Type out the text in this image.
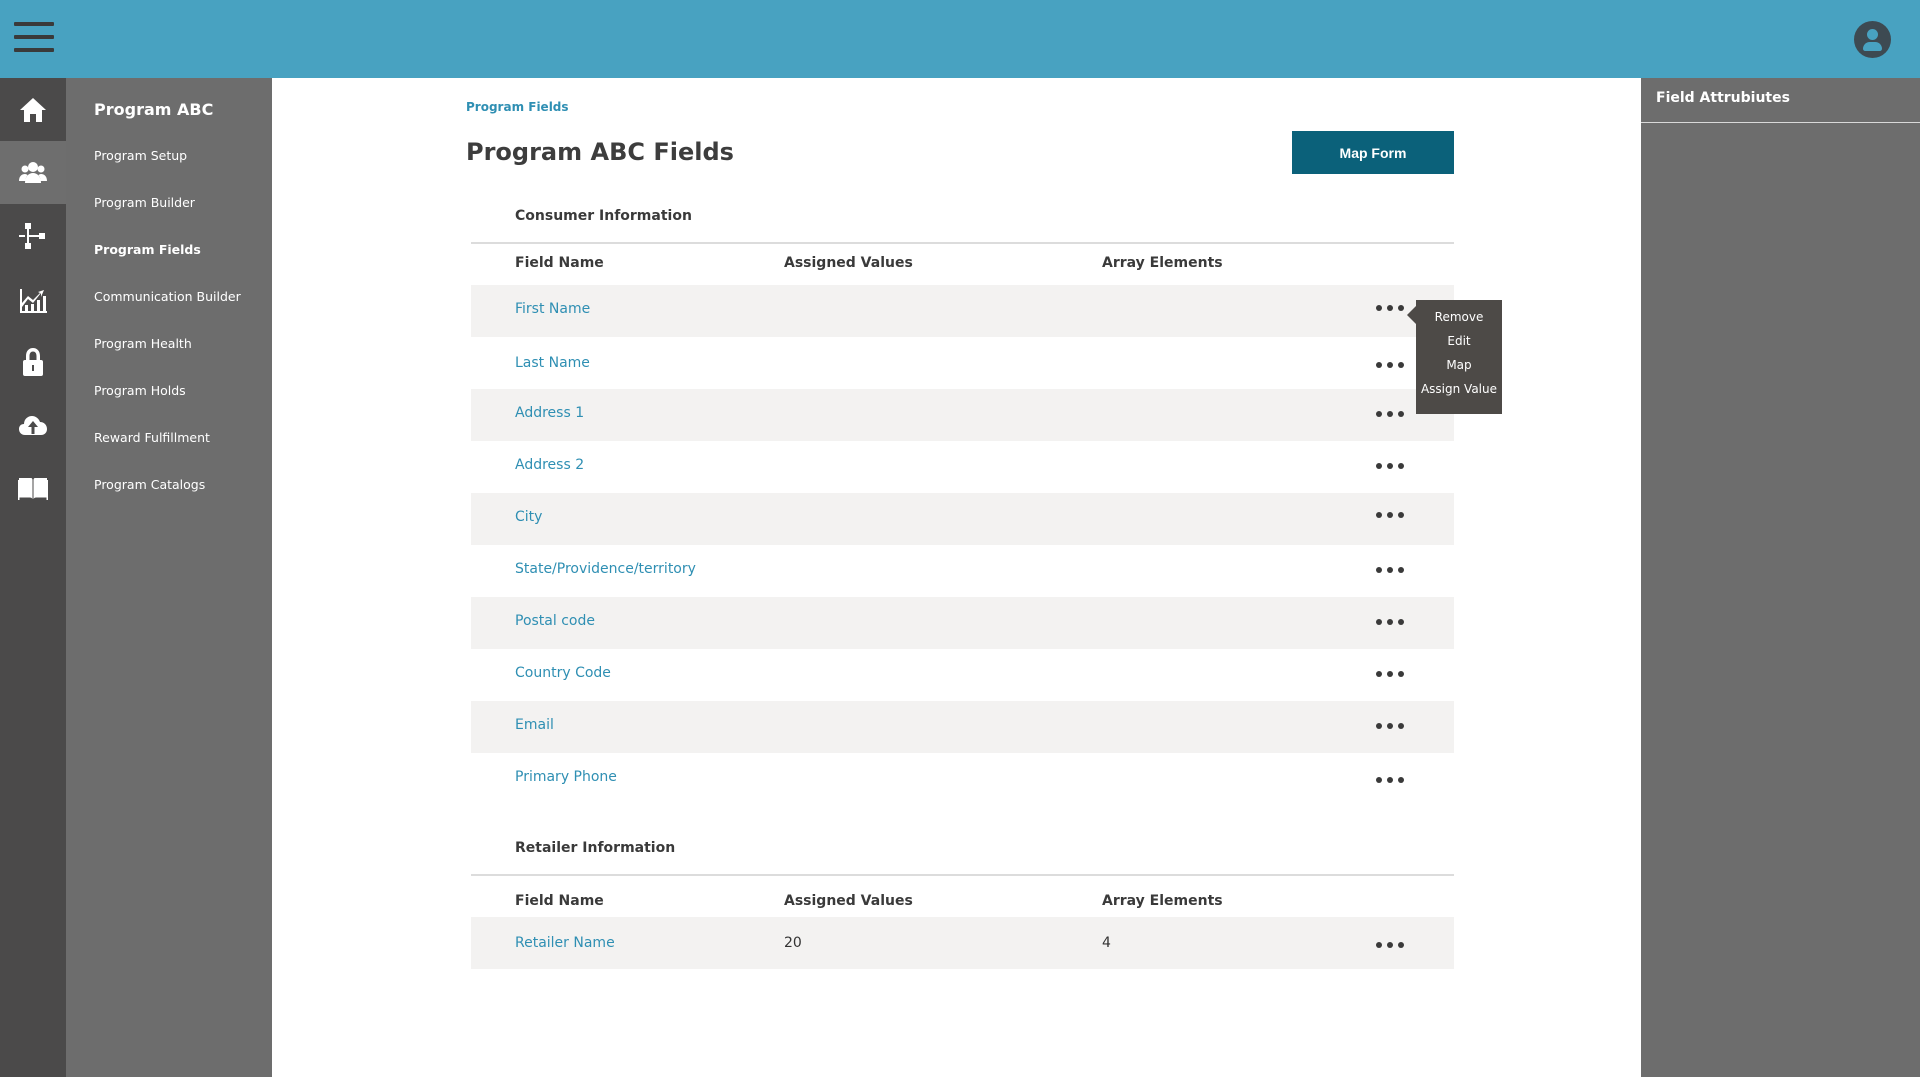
Program ABC
Program Setup
Program Builder
Program Fields
Communication Builder
Program Health
Program Holds
Reward Fulfillment
Program Catalogs
Program Fields
Program ABC Fields	Map Form
Consumer Information
Field Name	Assigned Values	Array Elements
First Name
Last Name
Address 1
Address 2
City
State/Providence/territory
Postal code
Country Code
Email
Primary Phone
Retailer Information
Field Name	Assigned Values	Array Elements
Retailer Name	20	4
Remove
Edit
Map
Assign Value
Field Attrubiutes
